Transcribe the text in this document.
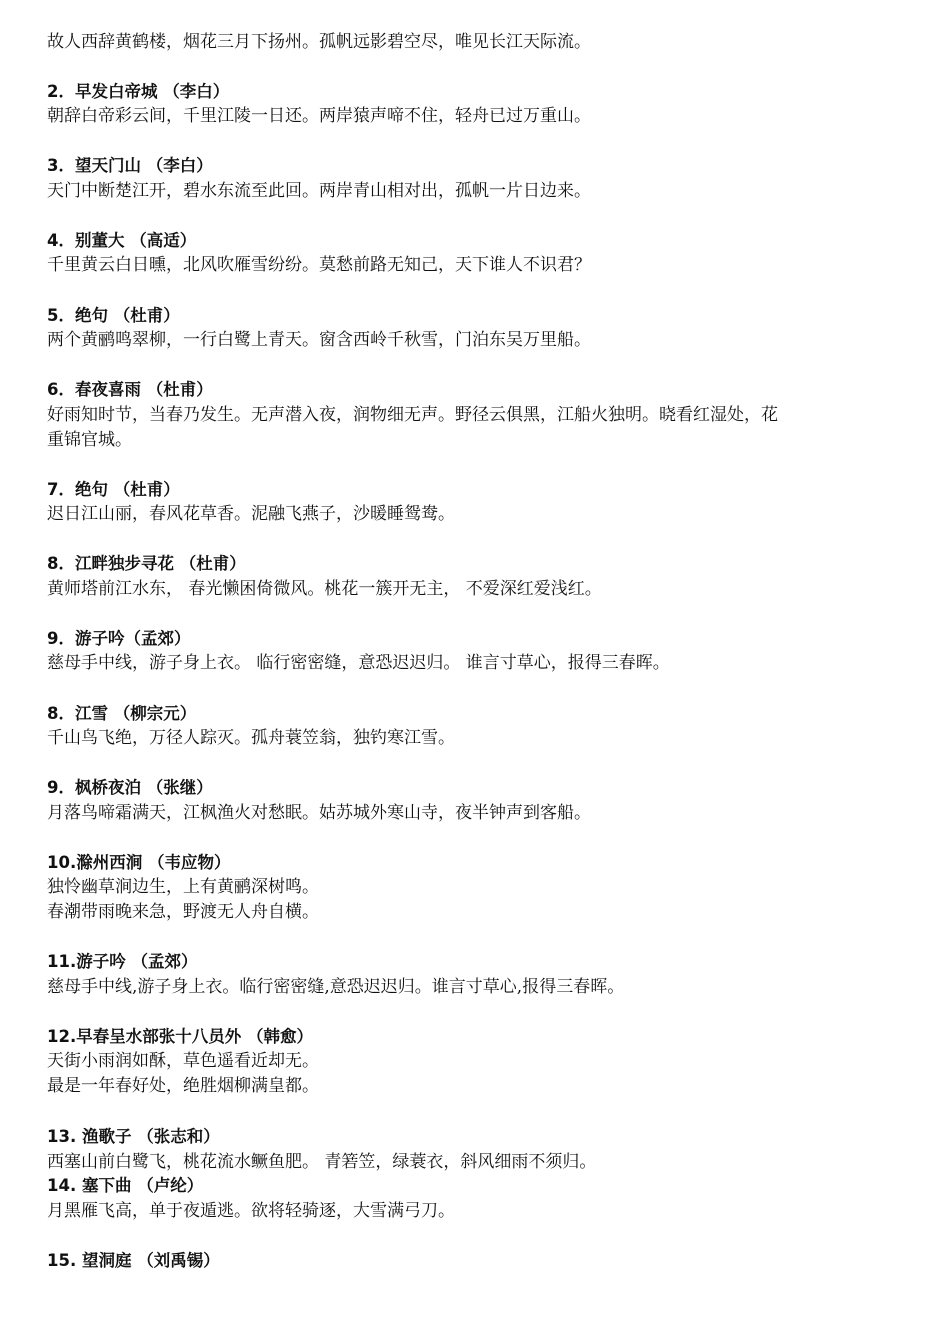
故人西辞黄鹤楼，烟花三月下扬州。孤帆远影碧空尽，唯见长江天际流。
2．早发白帝城 （李白）
朝辞白帝彩云间，千里江陵一日还。两岸猿声啼不住，轻舟已过万重山。
3．望天门山 （李白）
天门中断楚江开，碧水东流至此回。两岸青山相对出，孤帆一片日边来。
4．别董大 （高适）
千里黄云白日曛，北风吹雁雪纷纷。莫愁前路无知己，天下谁人不识君？
5．绝句 （杜甫）
两个黄鹂鸣翠柳，一行白鹭上青天。窗含西岭千秋雪，门泊东吴万里船。
6．春夜喜雨 （杜甫）
好雨知时节，当春乃发生。无声潜入夜，润物细无声。野径云俱黑，江船火独明。晓看红湿处，花
重锦官城。
7．绝句 （杜甫）
迟日江山丽，春风花草香。泥融飞燕子，沙暖睡鸳鸯。
8．江畔独步寻花 （杜甫）
黄师塔前江水东， 春光懒困倚微风。桃花一簇开无主， 不爱深红爱浅红。
9．游子吟（孟郊）
慈母手中线，游子身上衣。 临行密密缝，意恐迟迟归。 谁言寸草心，报得三春晖。
8．江雪 （柳宗元）
千山鸟飞绝，万径人踪灭。孤舟蓑笠翁，独钓寒江雪。
9．枫桥夜泊 （张继）
月落鸟啼霜满天，江枫渔火对愁眠。姑苏城外寒山寺，夜半钟声到客船。
10.滁州西涧 （韦应物）
独怜幽草涧边生，上有黄鹂深树鸣。
春潮带雨晚来急，野渡无人舟自横。
11.游子吟 （孟郊）
慈母手中线,游子身上衣。临行密密缝,意恐迟迟归。谁言寸草心,报得三春晖。
12.早春呈水部张十八员外 （韩愈）
天街小雨润如酥，草色遥看近却无。
最是一年春好处，绝胜烟柳满皇都。
13. 渔歌子 （张志和）
西塞山前白鹭飞，桃花流水鳜鱼肥。 青箬笠，绿蓑衣，斜风细雨不须归。
14. 塞下曲 （卢纶）
月黑雁飞高，单于夜遁逃。欲将轻骑逐，大雪满弓刀。
15. 望洞庭 （刘禹锡）
